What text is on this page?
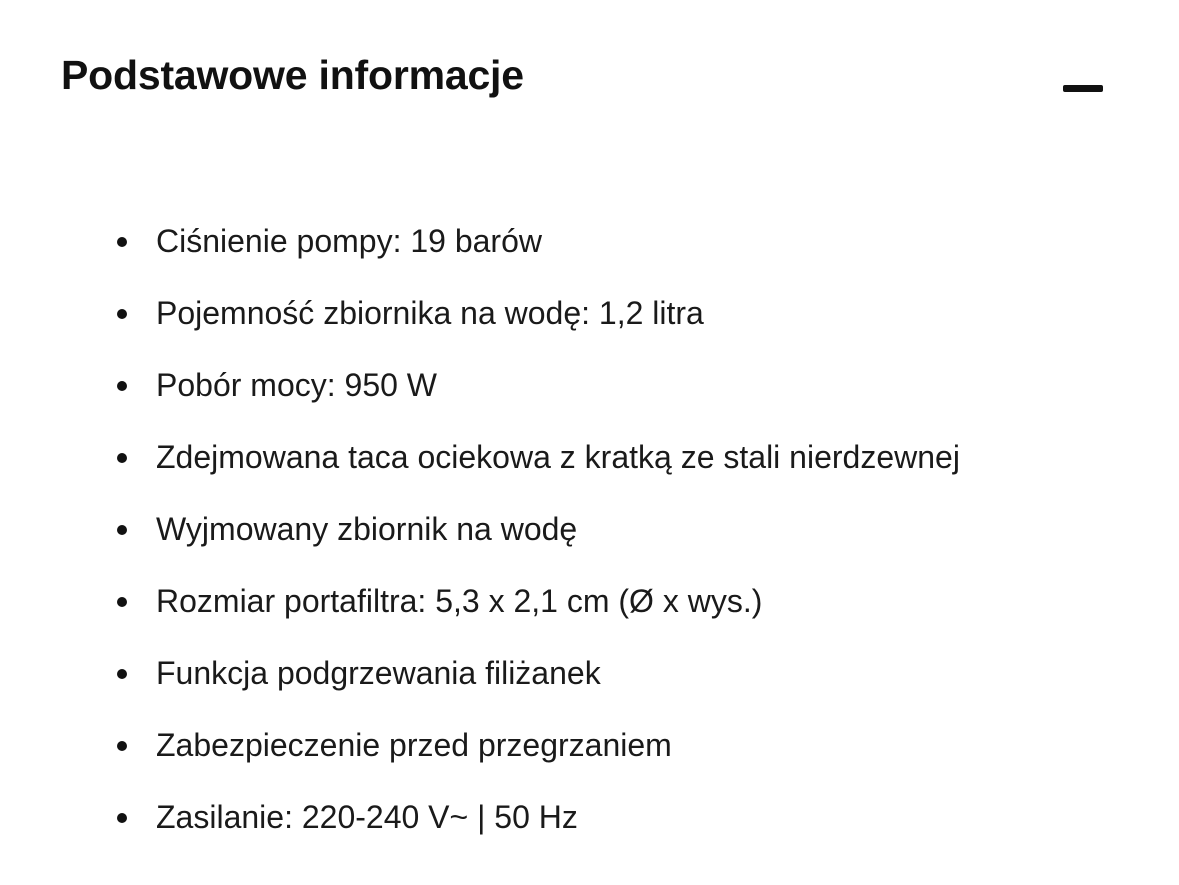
Podstawowe informacje
Ciśnienie pompy: 19 barów
Pojemność zbiornika na wodę: 1,2 litra
Pobór mocy: 950 W
Zdejmowana taca ociekowa z kratką ze stali nierdzewnej
Wyjmowany zbiornik na wodę
Rozmiar portafiltra: 5,3 x 2,1 cm (Ø x wys.)
Funkcja podgrzewania filiżanek
Zabezpieczenie przed przegrzaniem
Zasilanie: 220-240 V~ | 50 Hz
